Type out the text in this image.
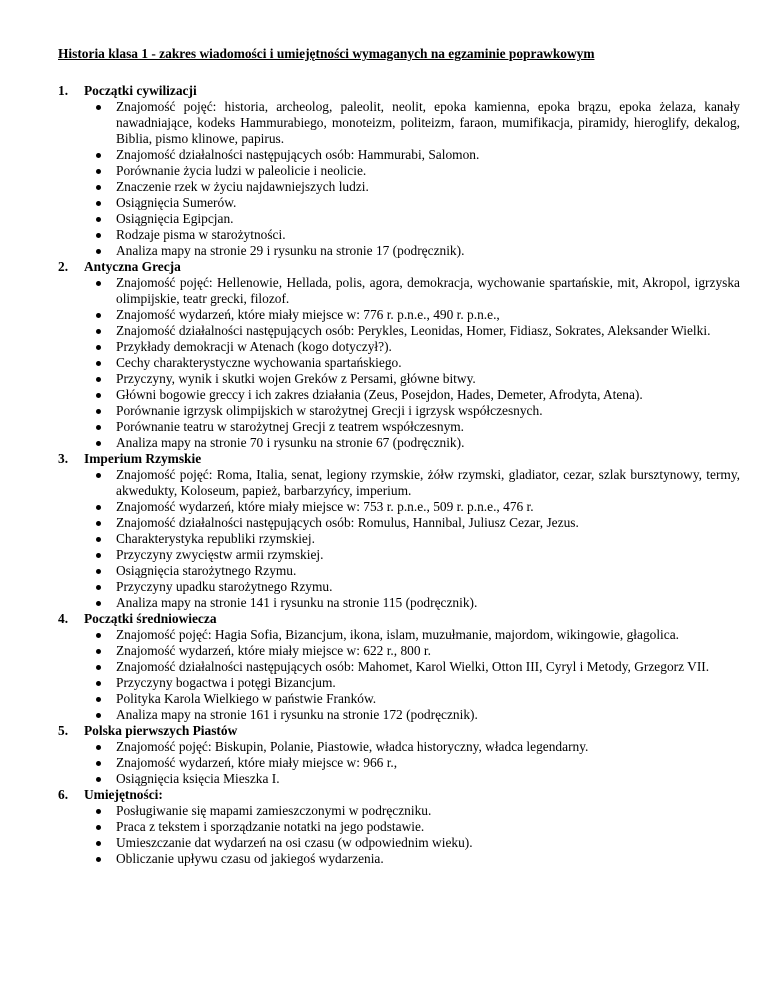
Historia klasa 1 - zakres wiadomości i umiejętności wymaganych na egzaminie poprawkowym
1. Początki cywilizacji
Znajomość pojęć: historia, archeolog, paleolit, neolit, epoka kamienna, epoka brązu, epoka żelaza, kanały nawadniające, kodeks Hammurabiego, monoteizm, politeizm, faraon, mumifikacja, piramidy, hieroglify, dekalog, Biblia, pismo klinowe, papirus.
Znajomość działalności następujących osób: Hammurabi, Salomon.
Porównanie życia ludzi w paleolicie i neolicie.
Znaczenie rzek w życiu najdawniejszych ludzi.
Osiągnięcia Sumerów.
Osiągnięcia Egipcjan.
Rodzaje pisma w starożytności.
Analiza mapy na stronie 29 i rysunku na stronie 17 (podręcznik).
2. Antyczna Grecja
Znajomość pojęć: Hellenowie, Hellada, polis, agora, demokracja, wychowanie spartańskie, mit, Akropol, igrzyska olimpijskie, teatr grecki, filozof.
Znajomość wydarzeń, które miały miejsce w: 776 r. p.n.e., 490 r. p.n.e.,
Znajomość działalności następujących osób: Perykles, Leonidas, Homer, Fidiasz, Sokrates, Aleksander Wielki.
Przykłady demokracji w Atenach (kogo dotyczył?).
Cechy charakterystyczne wychowania spartańskiego.
Przyczyny, wynik i skutki wojen Greków z Persami, główne bitwy.
Główni bogowie greccy i ich zakres działania (Zeus, Posejdon, Hades, Demeter, Afrodyta, Atena).
Porównanie igrzysk olimpijskich w starożytnej Grecji i igrzysk współczesnych.
Porównanie teatru w starożytnej Grecji z teatrem współczesnym.
Analiza mapy na stronie 70 i rysunku na stronie 67 (podręcznik).
3. Imperium Rzymskie
Znajomość pojęć: Roma, Italia, senat, legiony rzymskie, żółw rzymski, gladiator, cezar, szlak bursztynowy, termy, akwedukty, Koloseum, papież, barbarzyńcy, imperium.
Znajomość wydarzeń, które miały miejsce w: 753 r. p.n.e., 509 r. p.n.e., 476 r.
Znajomość działalności następujących osób: Romulus, Hannibal, Juliusz Cezar, Jezus.
Charakterystyka republiki rzymskiej.
Przyczyny zwycięstw armii rzymskiej.
Osiągnięcia starożytnego Rzymu.
Przyczyny upadku starożytnego Rzymu.
Analiza mapy na stronie 141 i rysunku na stronie 115 (podręcznik).
4. Początki średniowiecza
Znajomość pojęć: Hagia Sofia, Bizancjum, ikona, islam, muzułmanie, majordom, wikingowie, głagolica.
Znajomość wydarzeń, które miały miejsce w: 622 r., 800 r.
Znajomość działalności następujących osób: Mahomet, Karol Wielki, Otton III, Cyryl i Metody, Grzegorz VII.
Przyczyny bogactwa i potęgi Bizancjum.
Polityka Karola Wielkiego w państwie Franków.
Analiza mapy na stronie 161 i rysunku na stronie 172 (podręcznik).
5. Polska pierwszych Piastów
Znajomość pojęć: Biskupin, Polanie, Piastowie, władca historyczny, władca legendarny.
Znajomość wydarzeń, które miały miejsce w: 966 r.,
Osiągnięcia księcia Mieszka I.
6. Umiejętności:
Posługiwanie się mapami zamieszczonymi w podręczniku.
Praca z tekstem i sporządzanie notatki na jego podstawie.
Umieszczanie dat wydarzeń na osi czasu (w odpowiednim wieku).
Obliczanie upływu czasu od jakiegoś wydarzenia.
